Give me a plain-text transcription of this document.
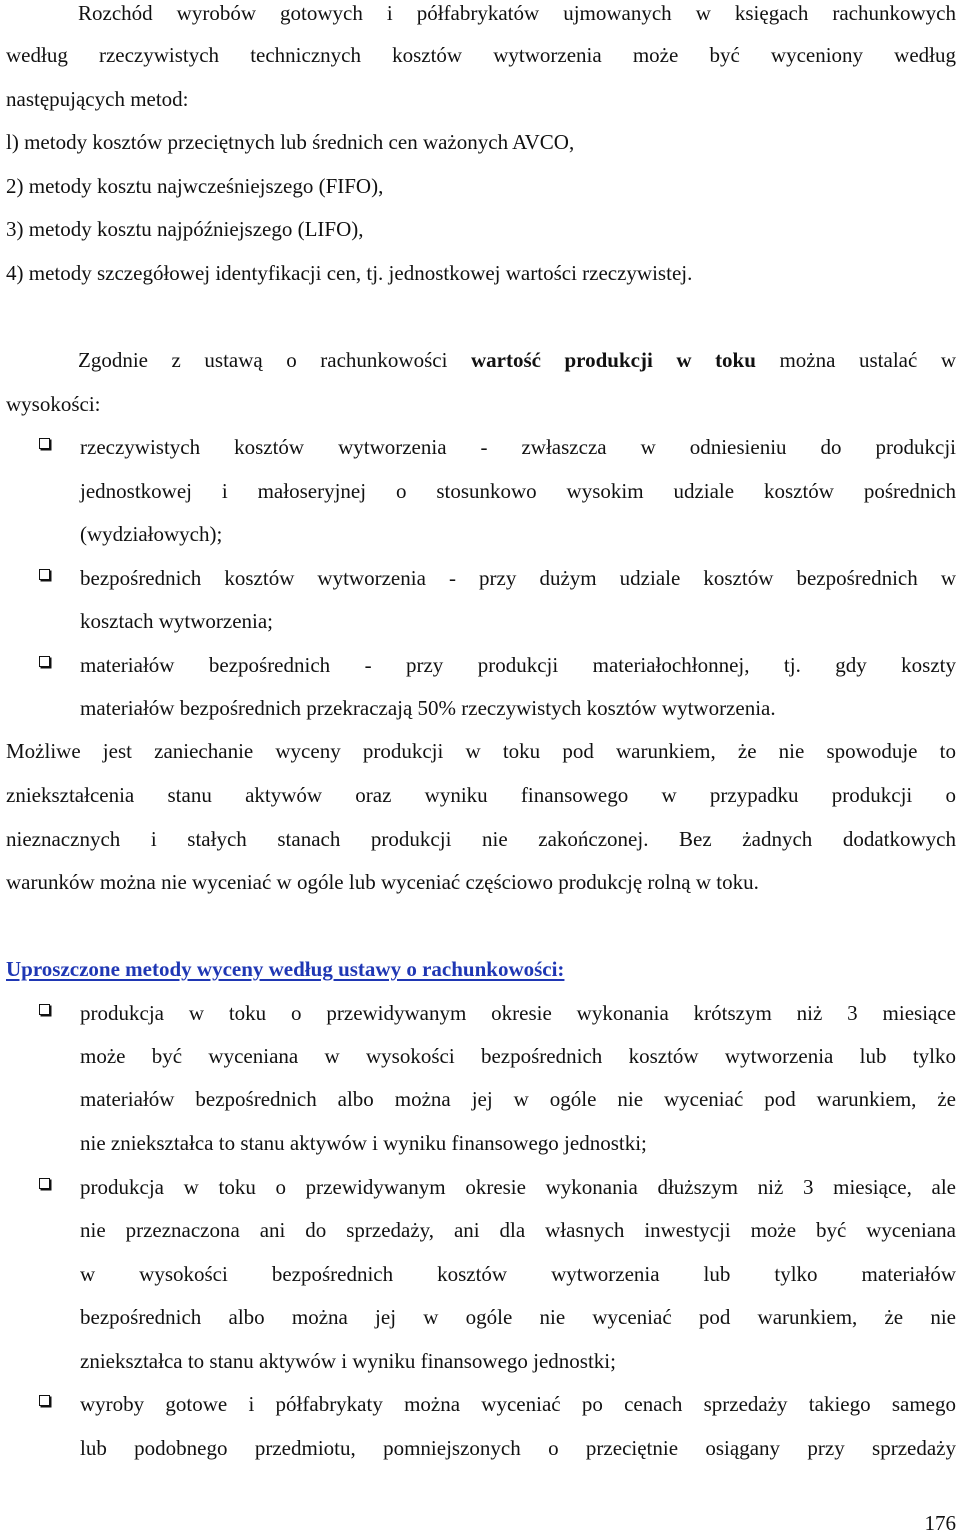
Rozchód wyrobów gotowych i półfabrykatów ujmowanych w księgach rachunkowych
według rzeczywistych technicznych kosztów wytworzenia może być wyceniony według
następujących metod:
l) metody kosztów przeciętnych lub średnich cen ważonych AVCO,
2) metody kosztu najwcześniejszego (FIFO),
3) metody kosztu najpóźniejszego (LIFO),
4) metody szczegółowej identyfikacji cen, tj. jednostkowej wartości rzeczywistej.
Zgodnie z ustawą o rachunkowości wartość produkcji w toku można ustalać w
wysokości:
rzeczywistych kosztów wytworzenia - zwłaszcza w odniesieniu do produkcji
jednostkowej i małoseryjnej o stosunkowo wysokim udziale kosztów pośrednich
(wydziałowych);
bezpośrednich kosztów wytworzenia - przy dużym udziale kosztów bezpośrednich w
kosztach wytworzenia;
materiałów bezpośrednich - przy produkcji materiałochłonnej, tj. gdy koszty
materiałów bezpośrednich przekraczają 50% rzeczywistych kosztów wytworzenia.
Możliwe jest zaniechanie wyceny produkcji w toku pod warunkiem, że nie spowoduje to
zniekształcenia stanu aktywów oraz wyniku finansowego w przypadku produkcji o
nieznacznych i stałych stanach produkcji nie zakończonej. Bez żadnych dodatkowych
warunków można nie wyceniać w ogóle lub wyceniać częściowo produkcję rolną w toku.
Uproszczone metody wyceny według ustawy o rachunkowości:
produkcja w toku o przewidywanym okresie wykonania krótszym niż 3 miesiące
może być wyceniana w wysokości bezpośrednich kosztów wytworzenia lub tylko
materiałów bezpośrednich albo można jej w ogóle nie wyceniać pod warunkiem, że
nie zniekształca to stanu aktywów i wyniku finansowego jednostki;
produkcja w toku o przewidywanym okresie wykonania dłuższym niż 3 miesiące, ale
nie przeznaczona ani do sprzedaży, ani dla własnych inwestycji może być wyceniana
w wysokości bezpośrednich kosztów wytworzenia lub tylko materiałów
bezpośrednich albo można jej w ogóle nie wyceniać pod warunkiem, że nie
zniekształca to stanu aktywów i wyniku finansowego jednostki;
wyroby gotowe i półfabrykaty można wyceniać po cenach sprzedaży takiego samego
lub podobnego przedmiotu, pomniejszonych o przeciętnie osiągany przy sprzedaży
176
